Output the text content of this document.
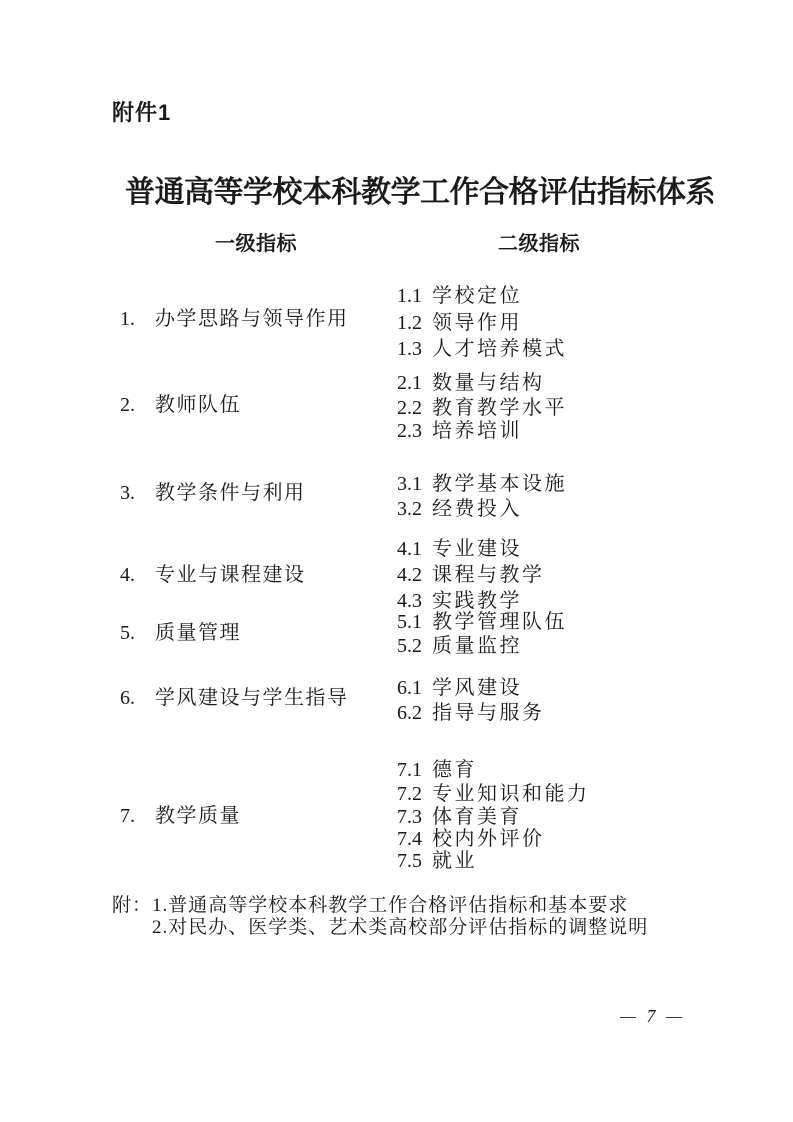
附件1
普通高等学校本科教学工作合格评估指标体系
一级指标	二级指标
1. 办学思路与领导作用
2. 教师队伍
3. 教学条件与利用
4. 专业与课程建设
5. 质量管理
6. 学风建设与学生指导
7. 教学质量
1.1 学校定位
1.2 领导作用
1.3 人才培养模式
2.1 数量与结构
2.2 教育教学水平
2.3 培养培训
3.1 教学基本设施
3.2 经费投入
4.1 专业建设
4.2 课程与教学
4.3 实践教学
5.1 教学管理队伍
5.2 质量监控
6.1 学风建设
6.2 指导与服务
7.1 德育
7.2 专业知识和能力
7.3 体育美育
7.4 校内外评价
7.5 就业
附：1.普通高等学校本科教学工作合格评估指标和基本要求
2.对民办、医学类、艺术类高校部分评估指标的调整说明
— 7 —
